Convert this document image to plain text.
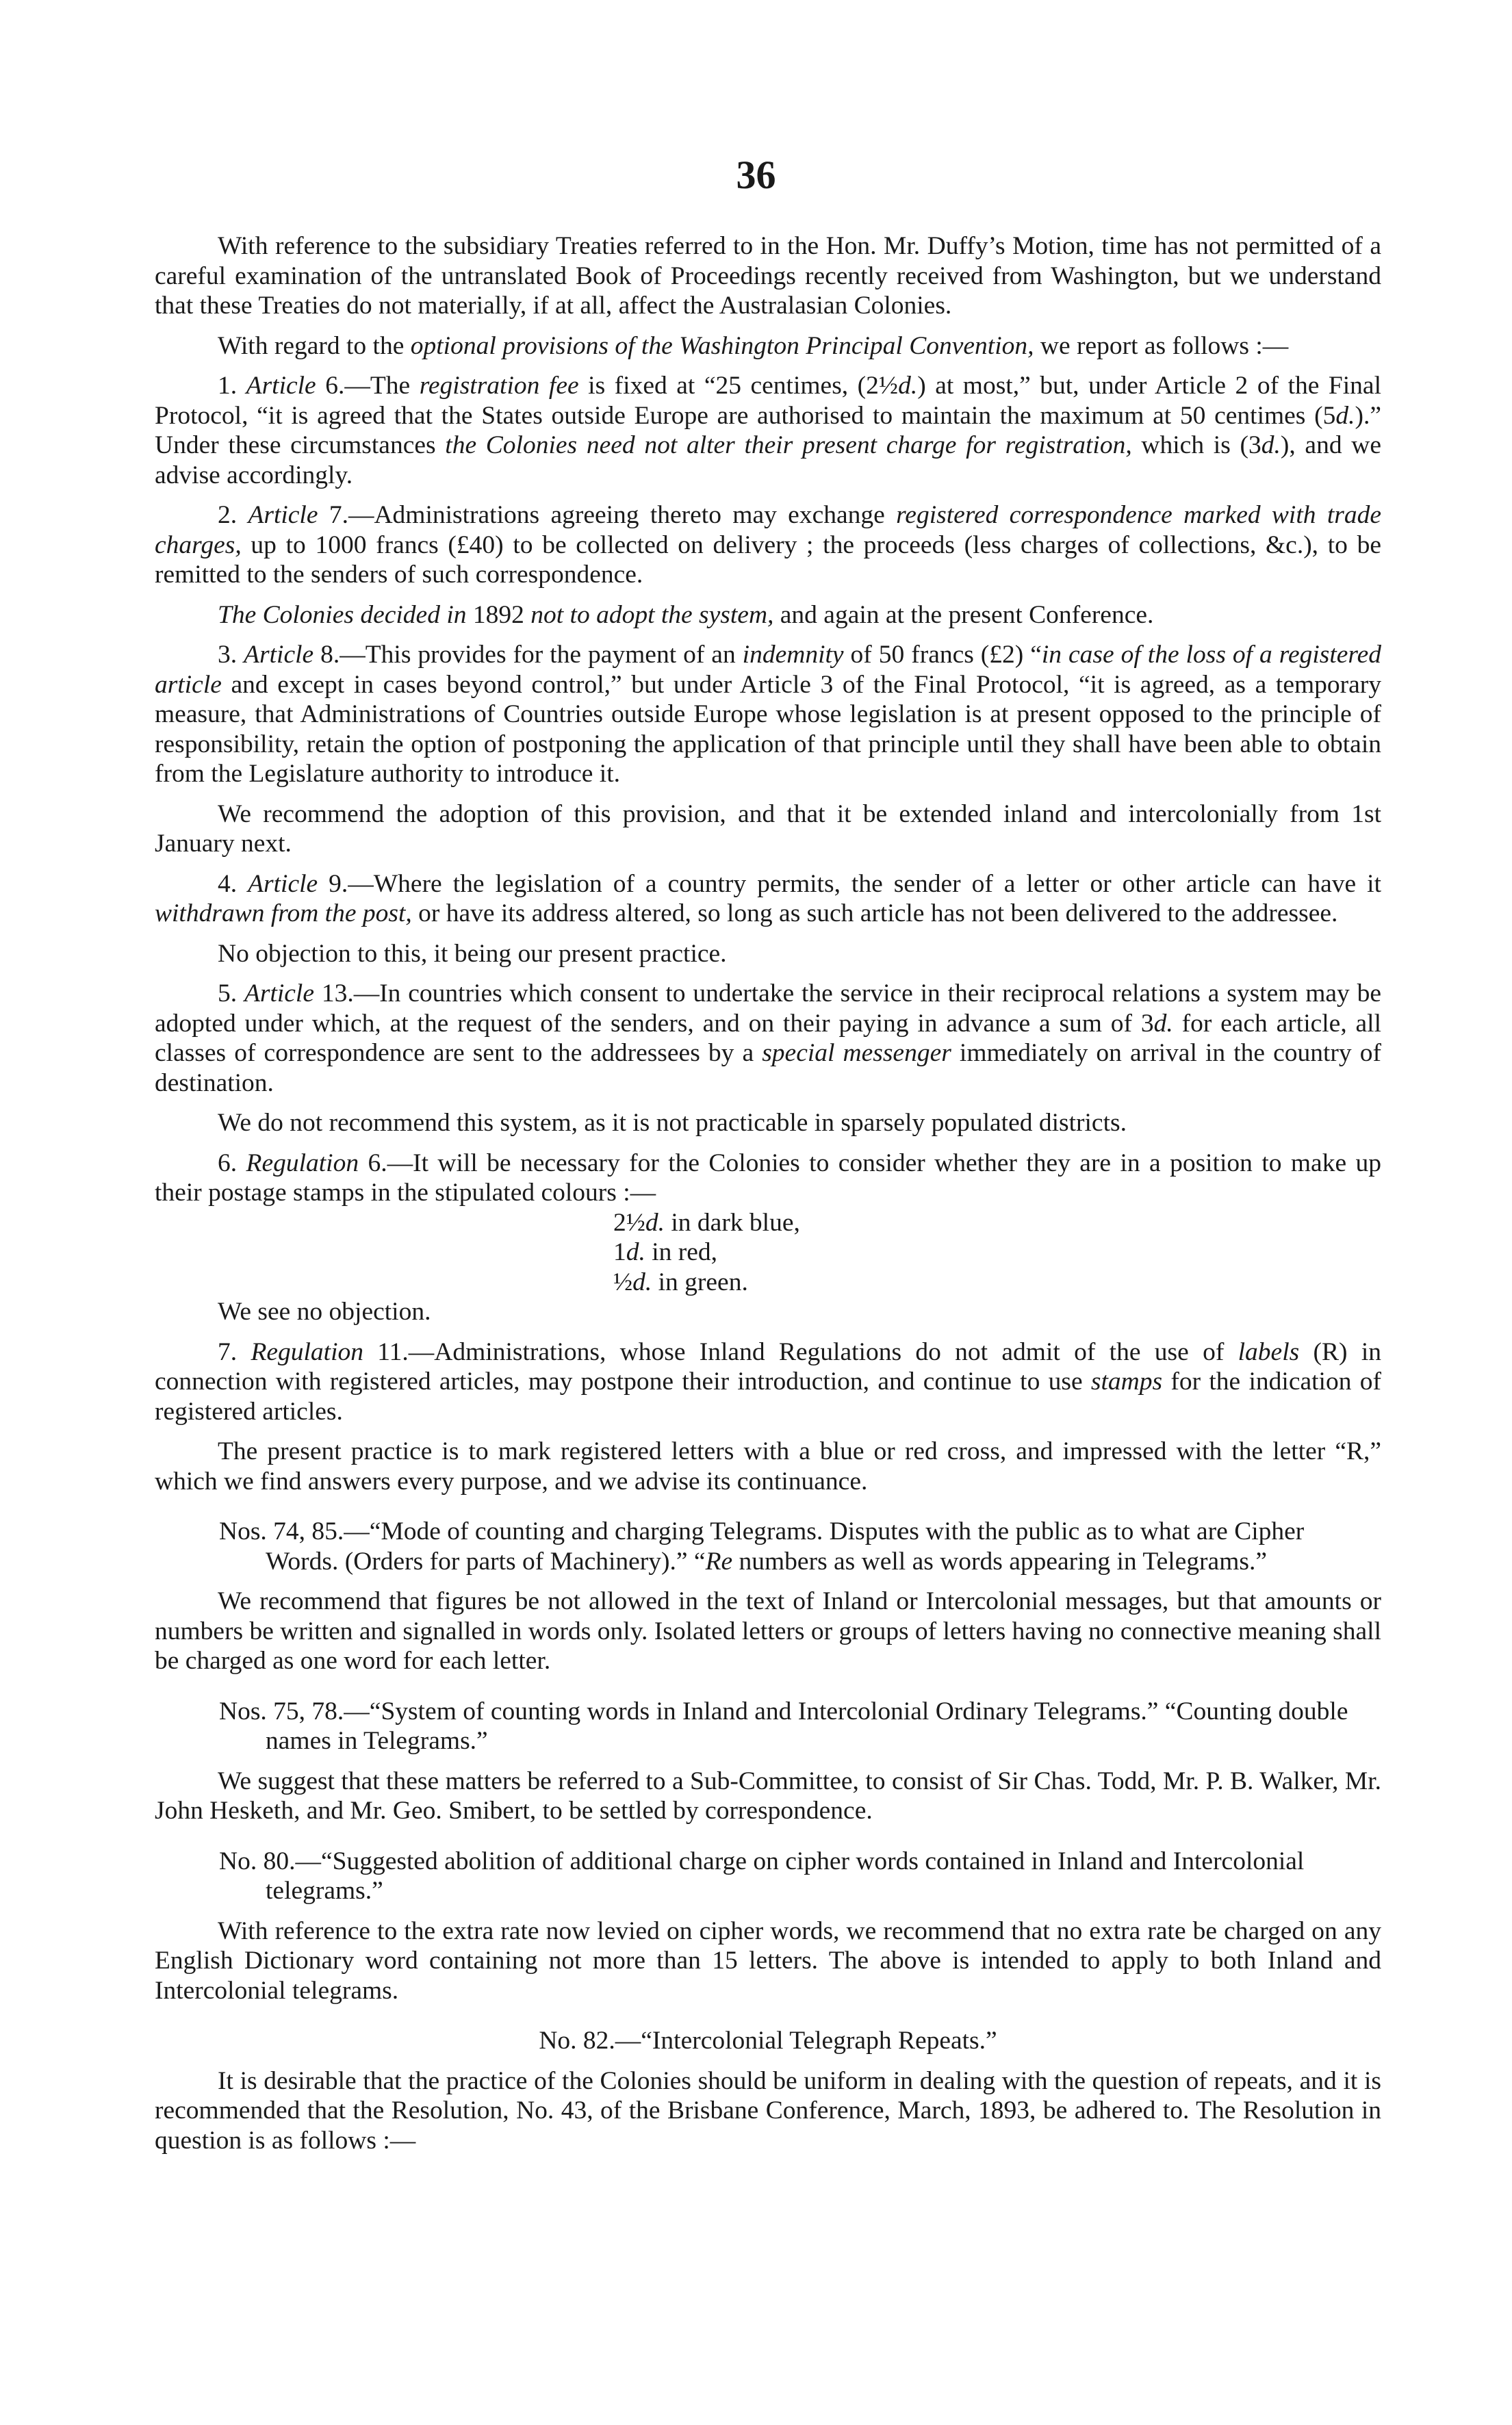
36

With reference to the subsidiary Treaties referred to in the Hon. Mr. Duffy’s Motion, time has not permitted of a careful examination of the untranslated Book of Proceedings recently received from Washington, but we understand that these Treaties do not materially, if at all, affect the Australasian Colonies.

With regard to the optional provisions of the Washington Principal Convention, we report as follows :—

1. Article 6.—The registration fee is fixed at “25 centimes, (2½d.) at most,” but, under Article 2 of the Final Protocol, “it is agreed that the States outside Europe are authorised to maintain the maximum at 50 centimes (5d.).” Under these circumstances the Colonies need not alter their present charge for registration, which is (3d.), and we advise accordingly.

2. Article 7.—Administrations agreeing thereto may exchange registered correspondence marked with trade charges, up to 1000 francs (£40) to be collected on delivery ; the proceeds (less charges of collections, &c.), to be remitted to the senders of such correspondence.

The Colonies decided in 1892 not to adopt the system, and again at the present Conference.

3. Article 8.—This provides for the payment of an indemnity of 50 francs (£2) “in case of the loss of a registered article and except in cases beyond control,” but under Article 3 of the Final Protocol, “it is agreed, as a temporary measure, that Administrations of Countries outside Europe whose legislation is at present opposed to the principle of responsibility, retain the option of postponing the application of that principle until they shall have been able to obtain from the Legislature authority to introduce it.

We recommend the adoption of this provision, and that it be extended inland and intercolonially from 1st January next.

4. Article 9.—Where the legislation of a country permits, the sender of a letter or other article can have it withdrawn from the post, or have its address altered, so long as such article has not been delivered to the addressee.

No objection to this, it being our present practice.

5. Article 13.—In countries which consent to undertake the service in their reciprocal relations a system may be adopted under which, at the request of the senders, and on their paying in advance a sum of 3d. for each article, all classes of correspondence are sent to the addressees by a special messenger immediately on arrival in the country of destination.

We do not recommend this system, as it is not practicable in sparsely populated districts.

6. Regulation 6.—It will be necessary for the Colonies to consider whether they are in a position to make up their postage stamps in the stipulated colours :—

2½d. in dark blue,

1d. in red,

½d. in green.

We see no objection.

7. Regulation 11.—Administrations, whose Inland Regulations do not admit of the use of labels (R) in connection with registered articles, may postpone their introduction, and continue to use stamps for the indication of registered articles.

The present practice is to mark registered letters with a blue or red cross, and impressed with the letter “R,” which we find answers every purpose, and we advise its continuance.

Nos. 74, 85.—“Mode of counting and charging Telegrams. Disputes with the public as to what are Cipher Words. (Orders for parts of Machinery).” “Re numbers as well as words appearing in Telegrams.”

We recommend that figures be not allowed in the text of Inland or Intercolonial messages, but that amounts or numbers be written and signalled in words only. Isolated letters or groups of letters having no connective meaning shall be charged as one word for each letter.

Nos. 75, 78.—“System of counting words in Inland and Intercolonial Ordinary Telegrams.” “Counting double names in Telegrams.”

We suggest that these matters be referred to a Sub-Committee, to consist of Sir Chas. Todd, Mr. P. B. Walker, Mr. John Hesketh, and Mr. Geo. Smibert, to be settled by correspondence.

No. 80.—“Suggested abolition of additional charge on cipher words contained in Inland and Intercolonial telegrams.”

With reference to the extra rate now levied on cipher words, we recommend that no extra rate be charged on any English Dictionary word containing not more than 15 letters. The above is intended to apply to both Inland and Intercolonial telegrams.

No. 82.—“Intercolonial Telegraph Repeats.”

It is desirable that the practice of the Colonies should be uniform in dealing with the question of repeats, and it is recommended that the Resolution, No. 43, of the Brisbane Conference, March, 1893, be adhered to. The Resolution in question is as follows :—
